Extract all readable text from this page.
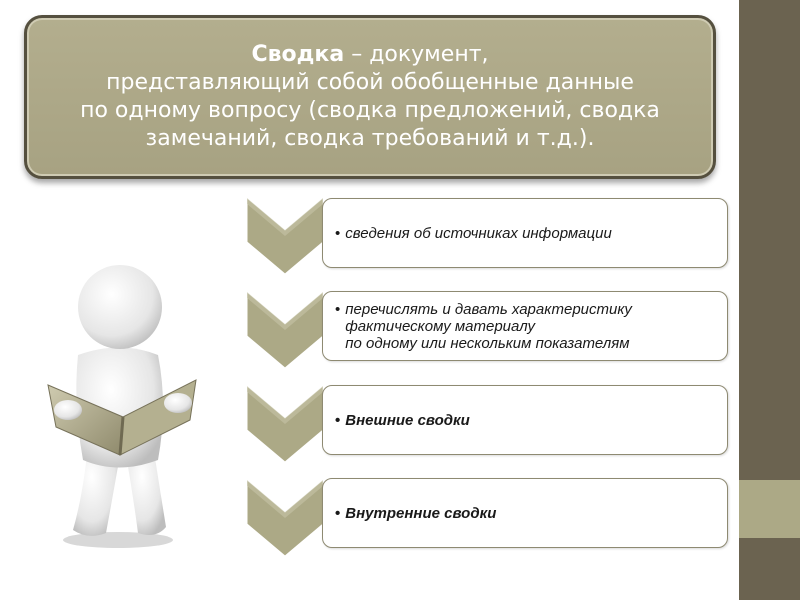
Сводка – документ,
представляющий собой обобщенные данные
по одному вопросу (сводка предложений, сводка
замечаний, сводка требований и т.д.).
• сведения об источниках информации
• перечислять и давать характеристику
фактическому материалу
по одному или нескольким показателям
• Внешние сводки
• Внутренние сводки
